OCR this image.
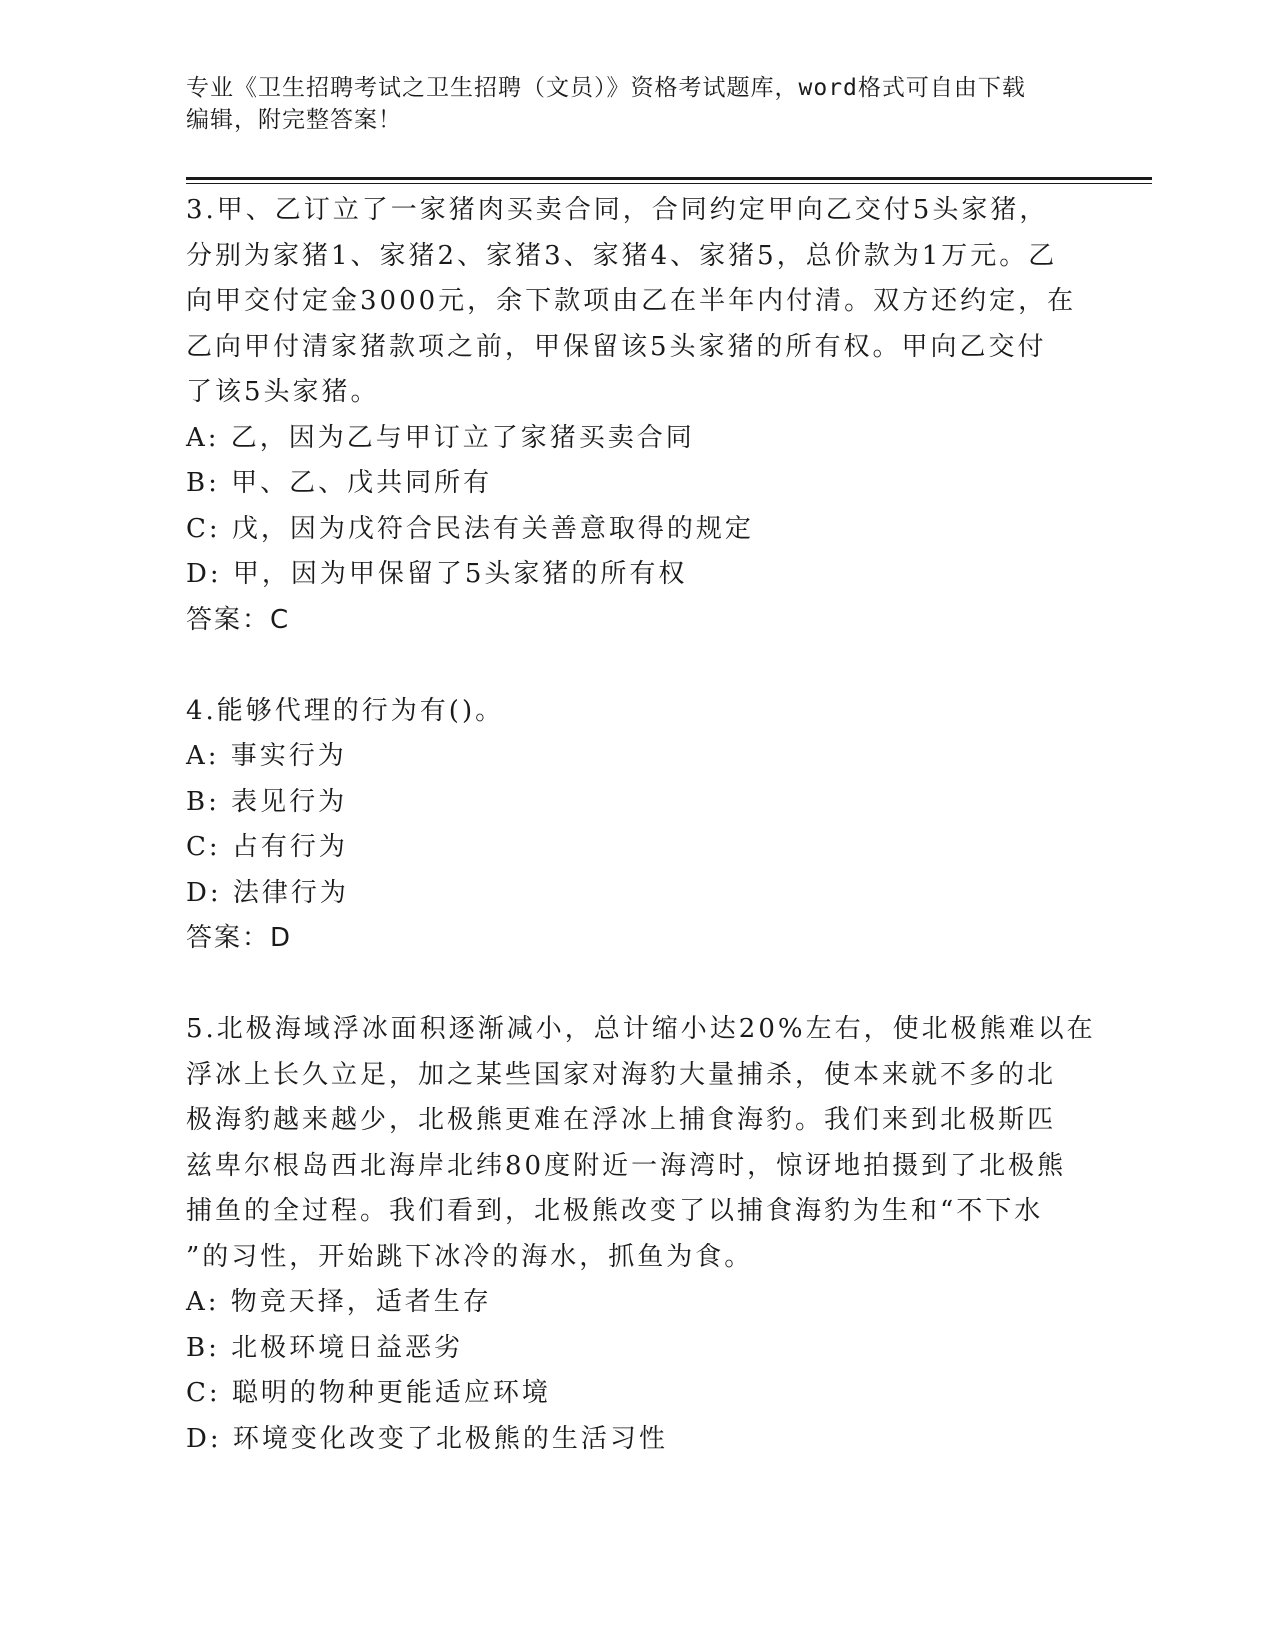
专业《卫生招聘考试之卫生招聘（文员）》资格考试题库，word格式可自由下载
编辑，附完整答案！
3.甲、乙订立了一家猪肉买卖合同，合同约定甲向乙交付5头家猪，
分别为家猪1、家猪2、家猪3、家猪4、家猪5，总价款为1万元。乙
向甲交付定金3000元，余下款项由乙在半年内付清。双方还约定，在
乙向甲付清家猪款项之前，甲保留该5头家猪的所有权。甲向乙交付
了该5头家猪。
A: 乙，因为乙与甲订立了家猪买卖合同
B: 甲、乙、戊共同所有
C: 戊，因为戊符合民法有关善意取得的规定
D: 甲，因为甲保留了5头家猪的所有权
答案：C
4.能够代理的行为有()。
A: 事实行为
B: 表见行为
C: 占有行为
D: 法律行为
答案：D
5.北极海域浮冰面积逐渐减小，总计缩小达20%左右，使北极熊难以在
浮冰上长久立足，加之某些国家对海豹大量捕杀，使本来就不多的北
极海豹越来越少，北极熊更难在浮冰上捕食海豹。我们来到北极斯匹
兹卑尔根岛西北海岸北纬80度附近一海湾时，惊讶地拍摄到了北极熊
捕鱼的全过程。我们看到，北极熊改变了以捕食海豹为生和“不下水
”的习性，开始跳下冰冷的海水，抓鱼为食。
A: 物竞天择，适者生存
B: 北极环境日益恶劣
C: 聪明的物种更能适应环境
D: 环境变化改变了北极熊的生活习性
